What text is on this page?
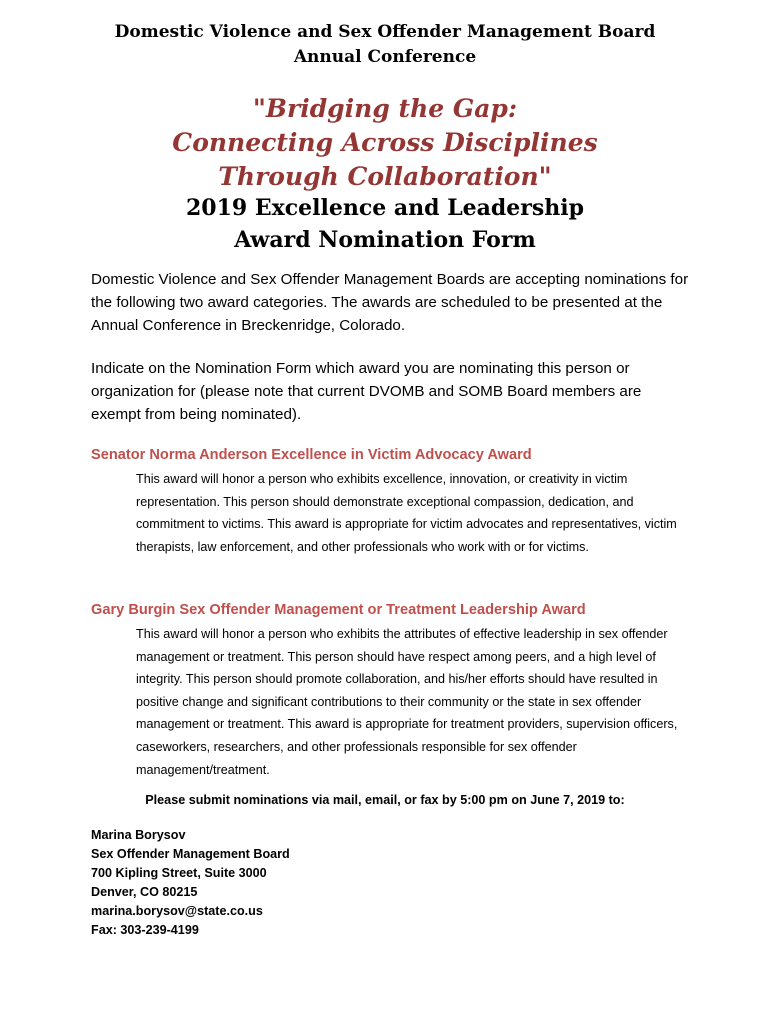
Domestic Violence and Sex Offender Management Board
Annual Conference
"Bridging the Gap:
Connecting Across Disciplines
Through Collaboration"
2019 Excellence and Leadership
Award Nomination Form
Domestic Violence and Sex Offender Management Boards are accepting nominations for the following two award categories. The awards are scheduled to be presented at the Annual Conference in Breckenridge, Colorado.
Indicate on the Nomination Form which award you are nominating this person or organization for (please note that current DVOMB and SOMB Board members are exempt from being nominated).
Senator Norma Anderson Excellence in Victim Advocacy Award
This award will honor a person who exhibits excellence, innovation, or creativity in victim representation. This person should demonstrate exceptional compassion, dedication, and commitment to victims. This award is appropriate for victim advocates and representatives, victim therapists, law enforcement, and other professionals who work with or for victims.
Gary Burgin Sex Offender Management or Treatment Leadership Award
This award will honor a person who exhibits the attributes of effective leadership in sex offender management or treatment. This person should have respect among peers, and a high level of integrity. This person should promote collaboration, and his/her efforts should have resulted in positive change and significant contributions to their community or the state in sex offender management or treatment. This award is appropriate for treatment providers, supervision officers, caseworkers, researchers, and other professionals responsible for sex offender management/treatment.
Please submit nominations via mail, email, or fax by 5:00 pm on June 7, 2019 to:
Marina Borysov
Sex Offender Management Board
700 Kipling Street, Suite 3000
Denver, CO 80215
marina.borysov@state.co.us
Fax: 303-239-4199
